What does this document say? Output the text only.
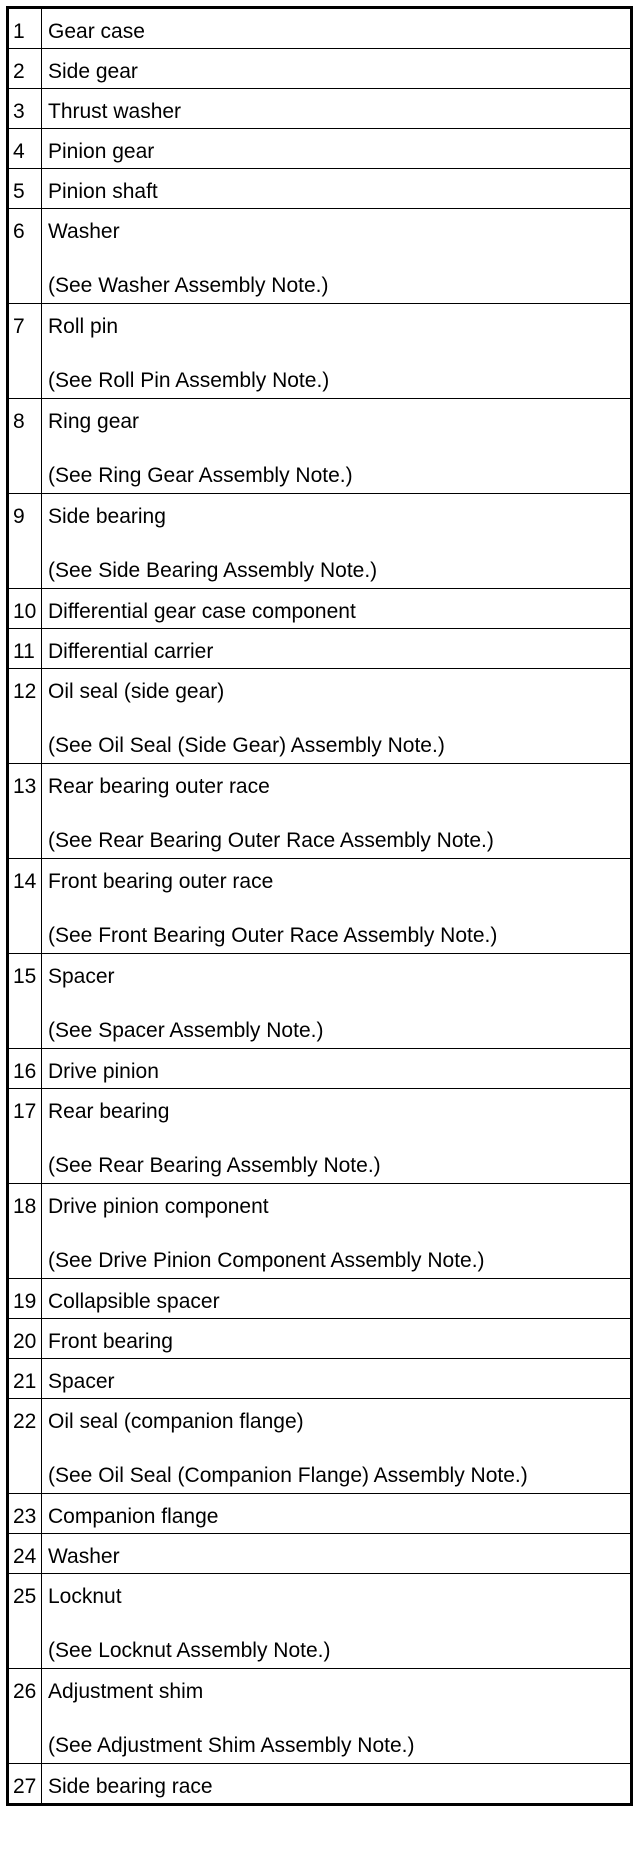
1	Gear case

2	Side gear

3	Thrust washer

4	Pinion gear

5	Pinion shaft

6	Washer
(See Washer Assembly Note.)

7	Roll pin
(See Roll Pin Assembly Note.)

8	Ring gear
(See Ring Gear Assembly Note.)

9	Side bearing
(See Side Bearing Assembly Note.)

10	Differential gear case component

11	Differential carrier

12	Oil seal (side gear)
(See Oil Seal (Side Gear) Assembly Note.)

13	Rear bearing outer race
(See Rear Bearing Outer Race Assembly Note.)

14	Front bearing outer race
(See Front Bearing Outer Race Assembly Note.)

15	Spacer
(See Spacer Assembly Note.)

16	Drive pinion

17	Rear bearing
(See Rear Bearing Assembly Note.)

18	Drive pinion component
(See Drive Pinion Component Assembly Note.)

19	Collapsible spacer

20	Front bearing

21	Spacer

22	Oil seal (companion flange)
(See Oil Seal (Companion Flange) Assembly Note.)

23	Companion flange

24	Washer

25	Locknut
(See Locknut Assembly Note.)

26	Adjustment shim
(See Adjustment Shim Assembly Note.)

27	Side bearing race
